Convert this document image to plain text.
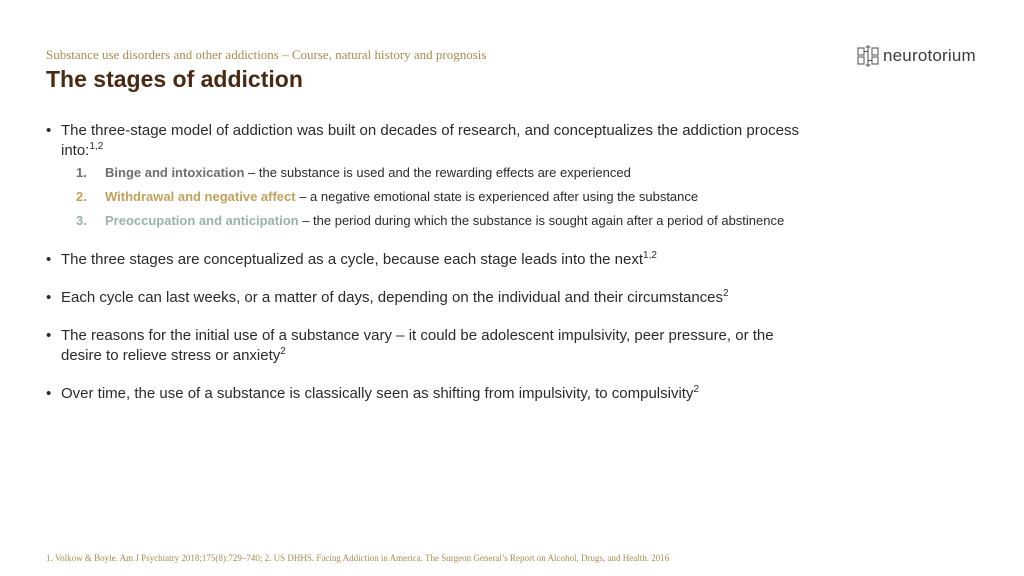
Substance use disorders and other addictions – Course, natural history and prognosis
The stages of addiction
neurotorium
• The three-stage model of addiction was built on decades of research, and conceptualizes the addiction process into:$^{1,2}$
1. Binge and intoxication – the substance is used and the rewarding effects are experienced
2. Withdrawal and negative affect – a negative emotional state is experienced after using the substance
3. Preoccupation and anticipation – the period during which the substance is sought again after a period of abstinence
• The three stages are conceptualized as a cycle, because each stage leads into the next$^{1,2}$
• Each cycle can last weeks, or a matter of days, depending on the individual and their circumstances$^2$
• The reasons for the initial use of a substance vary – it could be adolescent impulsivity, peer pressure, or the desire to relieve stress or anxiety$^2$
• Over time, the use of a substance is classically seen as shifting from impulsivity, to compulsivity$^2$
1. Volkow & Boyle. Am J Psychiatry 2018;175(8):729–740; 2. US DHHS. Facing Addiction in America. The Surgeon General’s Report on Alcohol, Drugs, and Health. 2016
